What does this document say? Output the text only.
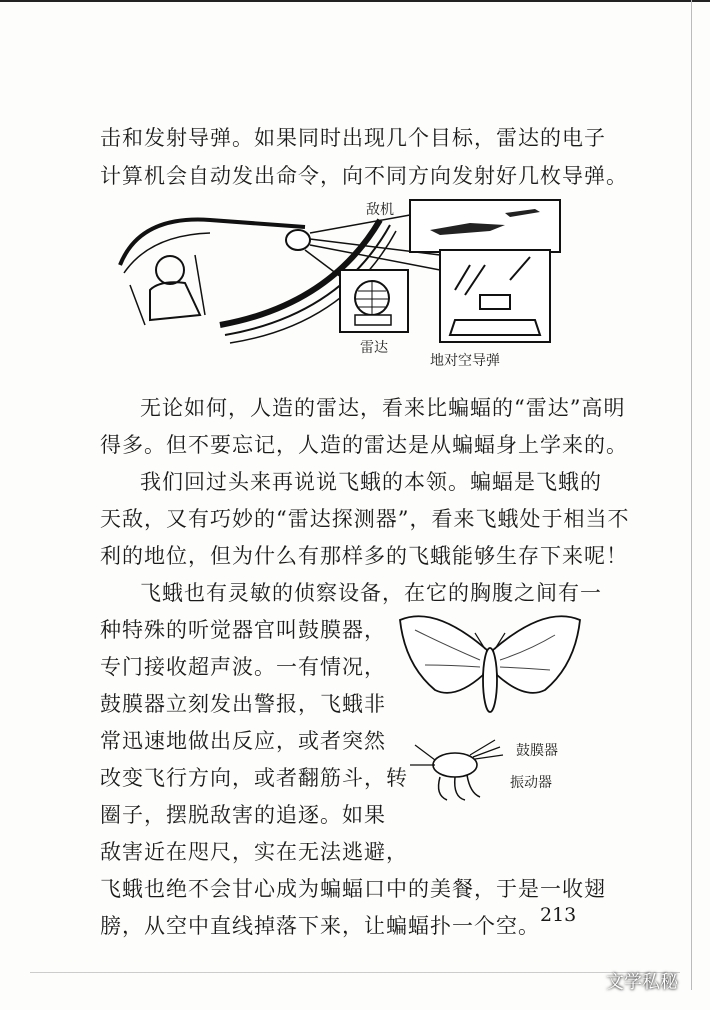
击和发射导弹。如果同时出现几个目标，雷达的电子
计算机会自动发出命令，向不同方向发射好几枚导弹。
敌机
雷达
地对空导弹
无论如何，人造的雷达，看来比蝙蝠的“雷达”高明
得多。但不要忘记，人造的雷达是从蝙蝠身上学来的。
我们回过头来再说说飞蛾的本领。蝙蝠是飞蛾的
天敌，又有巧妙的“雷达探测器”，看来飞蛾处于相当不
利的地位，但为什么有那样多的飞蛾能够生存下来呢！
飞蛾也有灵敏的侦察设备，在它的胸腹之间有一
种特殊的听觉器官叫鼓膜器，
专门接收超声波。一有情况，
鼓膜器立刻发出警报，飞蛾非
常迅速地做出反应，或者突然
改变飞行方向，或者翻筋斗，转
圈子，摆脱敌害的追逐。如果
敌害近在咫尺，实在无法逃避，
飞蛾也绝不会甘心成为蝙蝠口中的美餐，于是一收翅
膀，从空中直线掉落下来，让蝙蝠扑一个空。
鼓膜器
振动器
213
文学私秘
